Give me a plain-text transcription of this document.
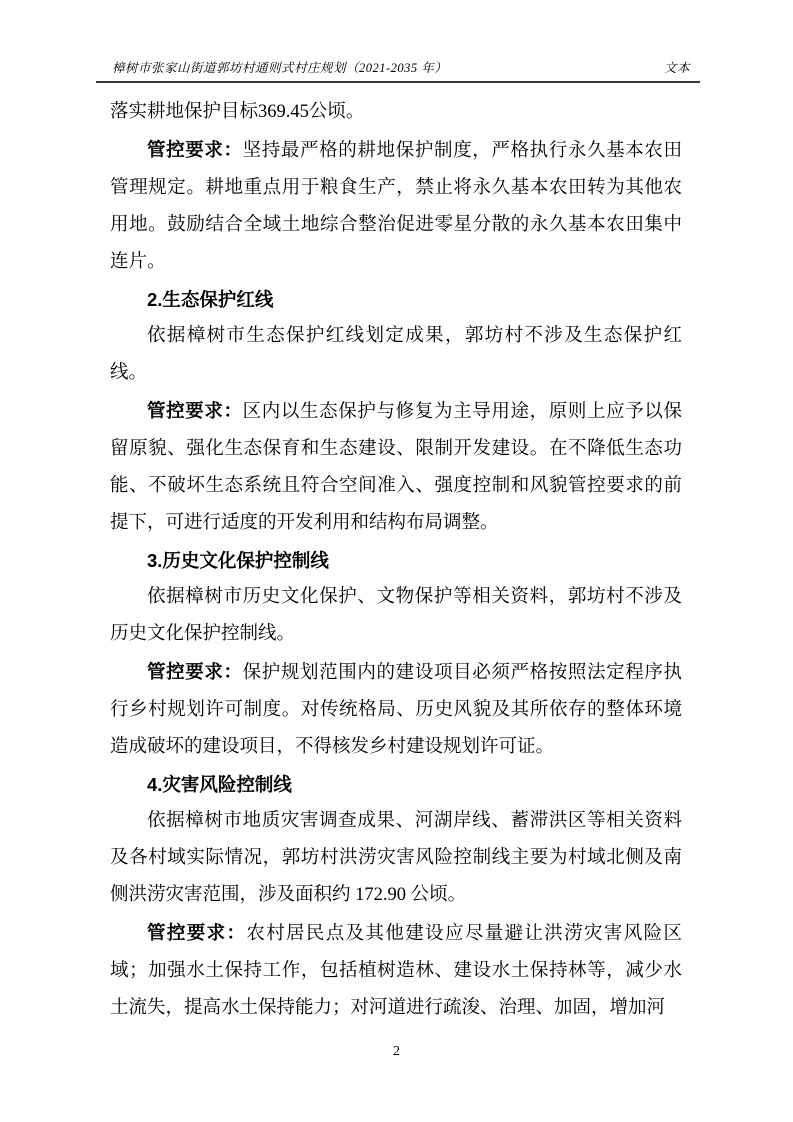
樟树市张家山街道郭坊村通则式村庄规划（2021-2035 年）	文本

落实耕地保护目标369.45公顷。

管控要求：坚持最严格的耕地保护制度，严格执行永久基本农田管理规定。耕地重点用于粮食生产，禁止将永久基本农田转为其他农用地。鼓励结合全域土地综合整治促进零星分散的永久基本农田集中连片。

2.生态保护红线

依据樟树市生态保护红线划定成果，郭坊村不涉及生态保护红线。

管控要求：区内以生态保护与修复为主导用途，原则上应予以保留原貌、强化生态保育和生态建设、限制开发建设。在不降低生态功能、不破坏生态系统且符合空间准入、强度控制和风貌管控要求的前提下，可进行适度的开发利用和结构布局调整。

3.历史文化保护控制线

依据樟树市历史文化保护、文物保护等相关资料，郭坊村不涉及历史文化保护控制线。

管控要求：保护规划范围内的建设项目必须严格按照法定程序执行乡村规划许可制度。对传统格局、历史风貌及其所依存的整体环境造成破坏的建设项目，不得核发乡村建设规划许可证。

4.灾害风险控制线

依据樟树市地质灾害调查成果、河湖岸线、蓄滞洪区等相关资料及各村域实际情况，郭坊村洪涝灾害风险控制线主要为村域北侧及南侧洪涝灾害范围，涉及面积约 172.90 公顷。

管控要求：农村居民点及其他建设应尽量避让洪涝灾害风险区域；加强水土保持工作，包括植树造林、建设水土保持林等，减少水土流失，提高水土保持能力；对河道进行疏浚、治理、加固，增加河

2
